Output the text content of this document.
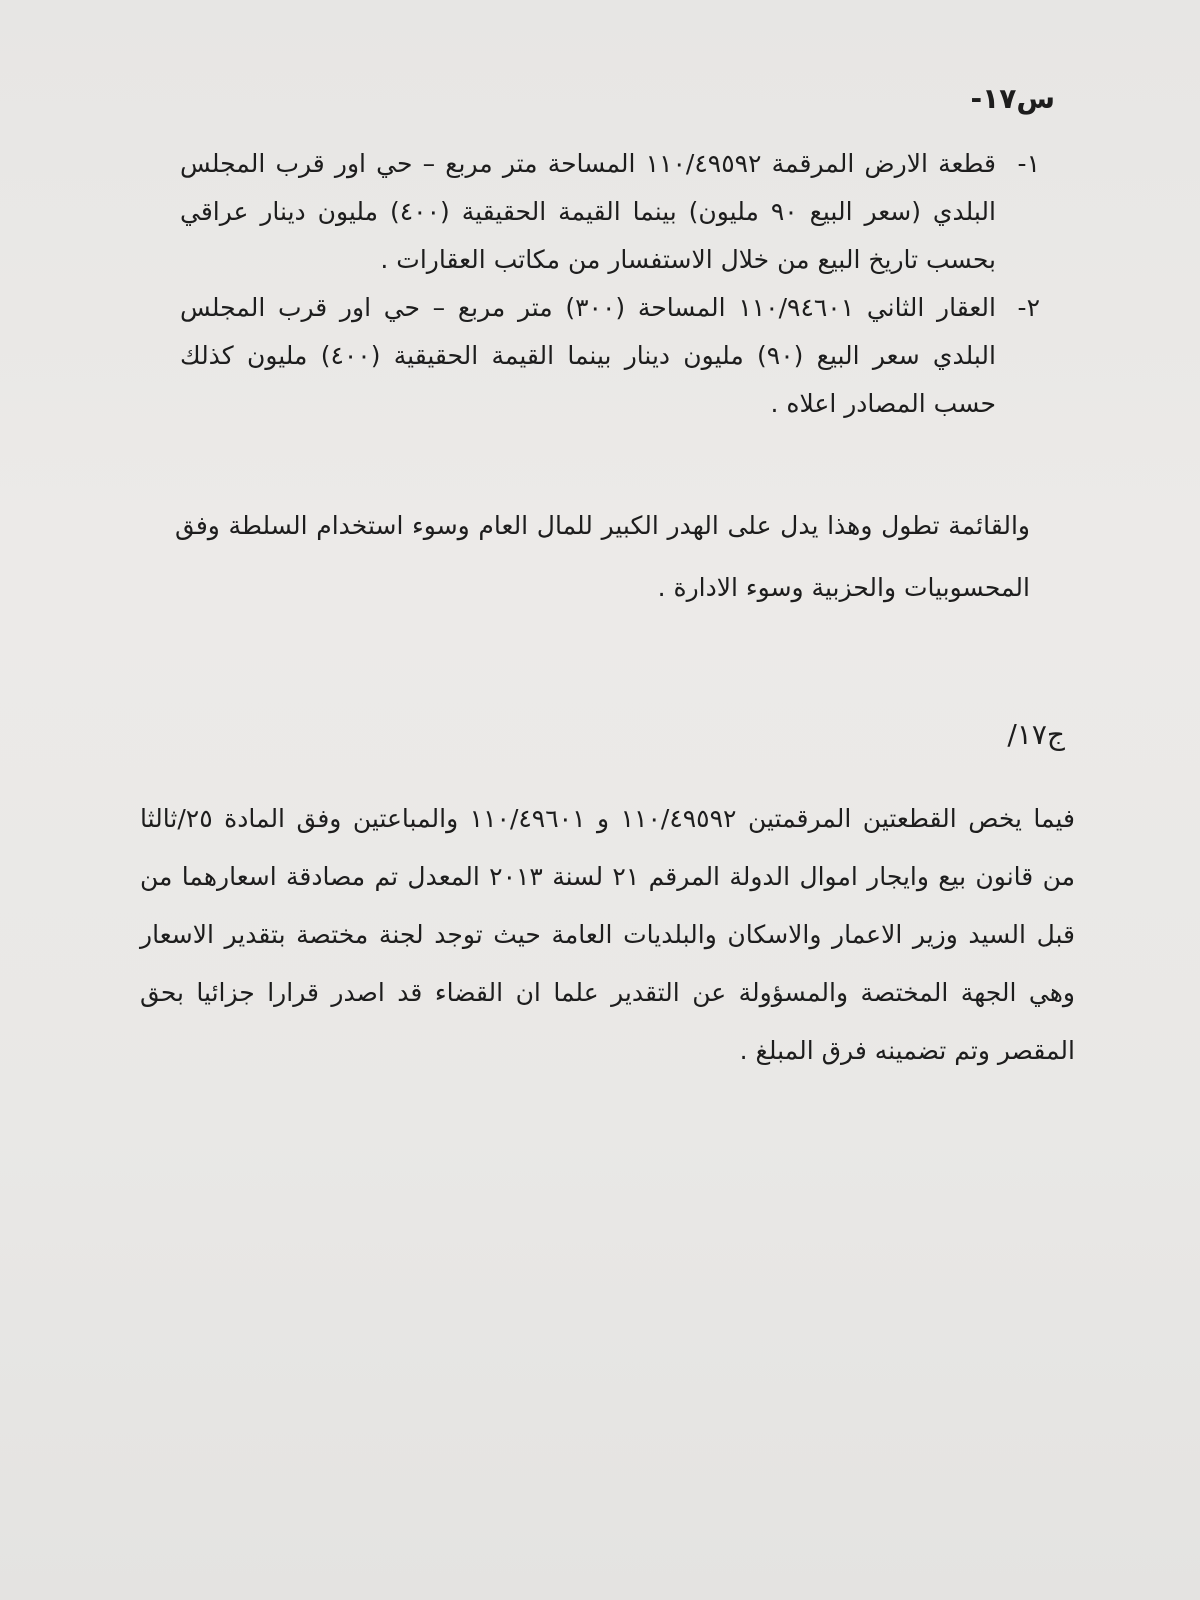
س١٧-

١-
قطعة الارض المرقمة ١١٠/٤٩٥٩٢ المساحة متر مربع – حي اور قرب المجلس البلدي (سعر البيع ٩٠ مليون) بينما القيمة الحقيقية (٤٠٠) مليون دينار عراقي بحسب تاريخ البيع من خلال الاستفسار من مكاتب العقارات .
٢-
العقار الثاني ١١٠/٩٤٦٠١ المساحة (٣٠٠) متر مربع – حي اور قرب المجلس البلدي سعر البيع (٩٠) مليون دينار بينما القيمة الحقيقية (٤٠٠) مليون كذلك حسب المصادر اعلاه .

والقائمة تطول وهذا يدل على الهدر الكبير للمال العام وسوء استخدام السلطة وفق المحسوبيات والحزبية وسوء الادارة .

ج١٧/

فيما يخص القطعتين المرقمتين ١١٠/٤٩٥٩٢ و ١١٠/٤٩٦٠١ والمباعتين وفق المادة ٢٥/ثالثا من قانون بيع وايجار اموال الدولة المرقم ٢١ لسنة ٢٠١٣ المعدل تم مصادقة اسعارهما من قبل السيد وزير الاعمار والاسكان والبلديات العامة حيث توجد لجنة مختصة بتقدير الاسعار وهي الجهة المختصة والمسؤولة عن التقدير علما ان القضاء قد اصدر قرارا جزائيا بحق المقصر وتم تضمينه فرق المبلغ .
